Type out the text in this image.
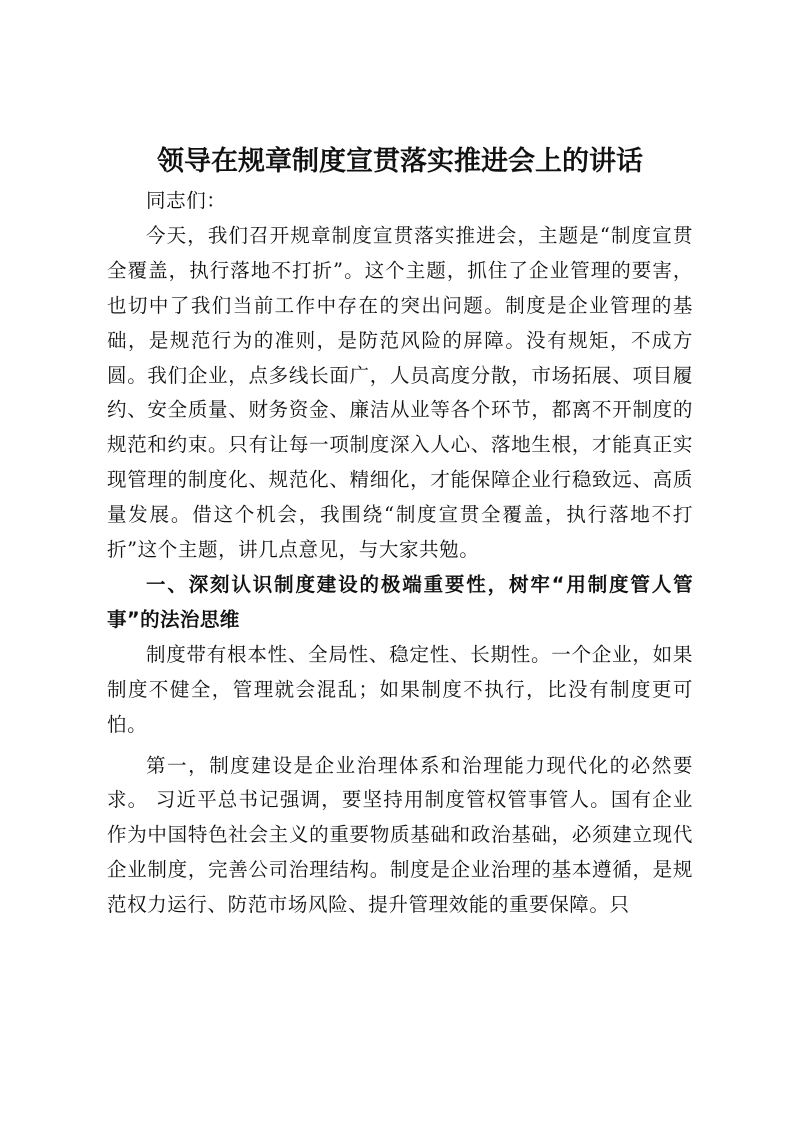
领导在规章制度宣贯落实推进会上的讲话

同志们：

今天，我们召开规章制度宣贯落实推进会，主题是“制度宣贯全覆盖，执行落地不打折”。这个主题，抓住了企业管理的要害，也切中了我们当前工作中存在的突出问题。制度是企业管理的基础，是规范行为的准则，是防范风险的屏障。没有规矩，不成方圆。我们企业，点多线长面广，人员高度分散，市场拓展、项目履约、安全质量、财务资金、廉洁从业等各个环节，都离不开制度的规范和约束。只有让每一项制度深入人心、落地生根，才能真正实现管理的制度化、规范化、精细化，才能保障企业行稳致远、高质量发展。借这个机会，我围绕“制度宣贯全覆盖，执行落地不打折”这个主题，讲几点意见，与大家共勉。

一、深刻认识制度建设的极端重要性，树牢“用制度管人管事”的法治思维

制度带有根本性、全局性、稳定性、长期性。一个企业，如果制度不健全，管理就会混乱；如果制度不执行，比没有制度更可怕。

第一，制度建设是企业治理体系和治理能力现代化的必然要求。 习近平总书记强调，要坚持用制度管权管事管人。国有企业作为中国特色社会主义的重要物质基础和政治基础，必须建立现代企业制度，完善公司治理结构。制度是企业治理的基本遵循，是规范权力运行、防范市场风险、提升管理效能的重要保障。只
